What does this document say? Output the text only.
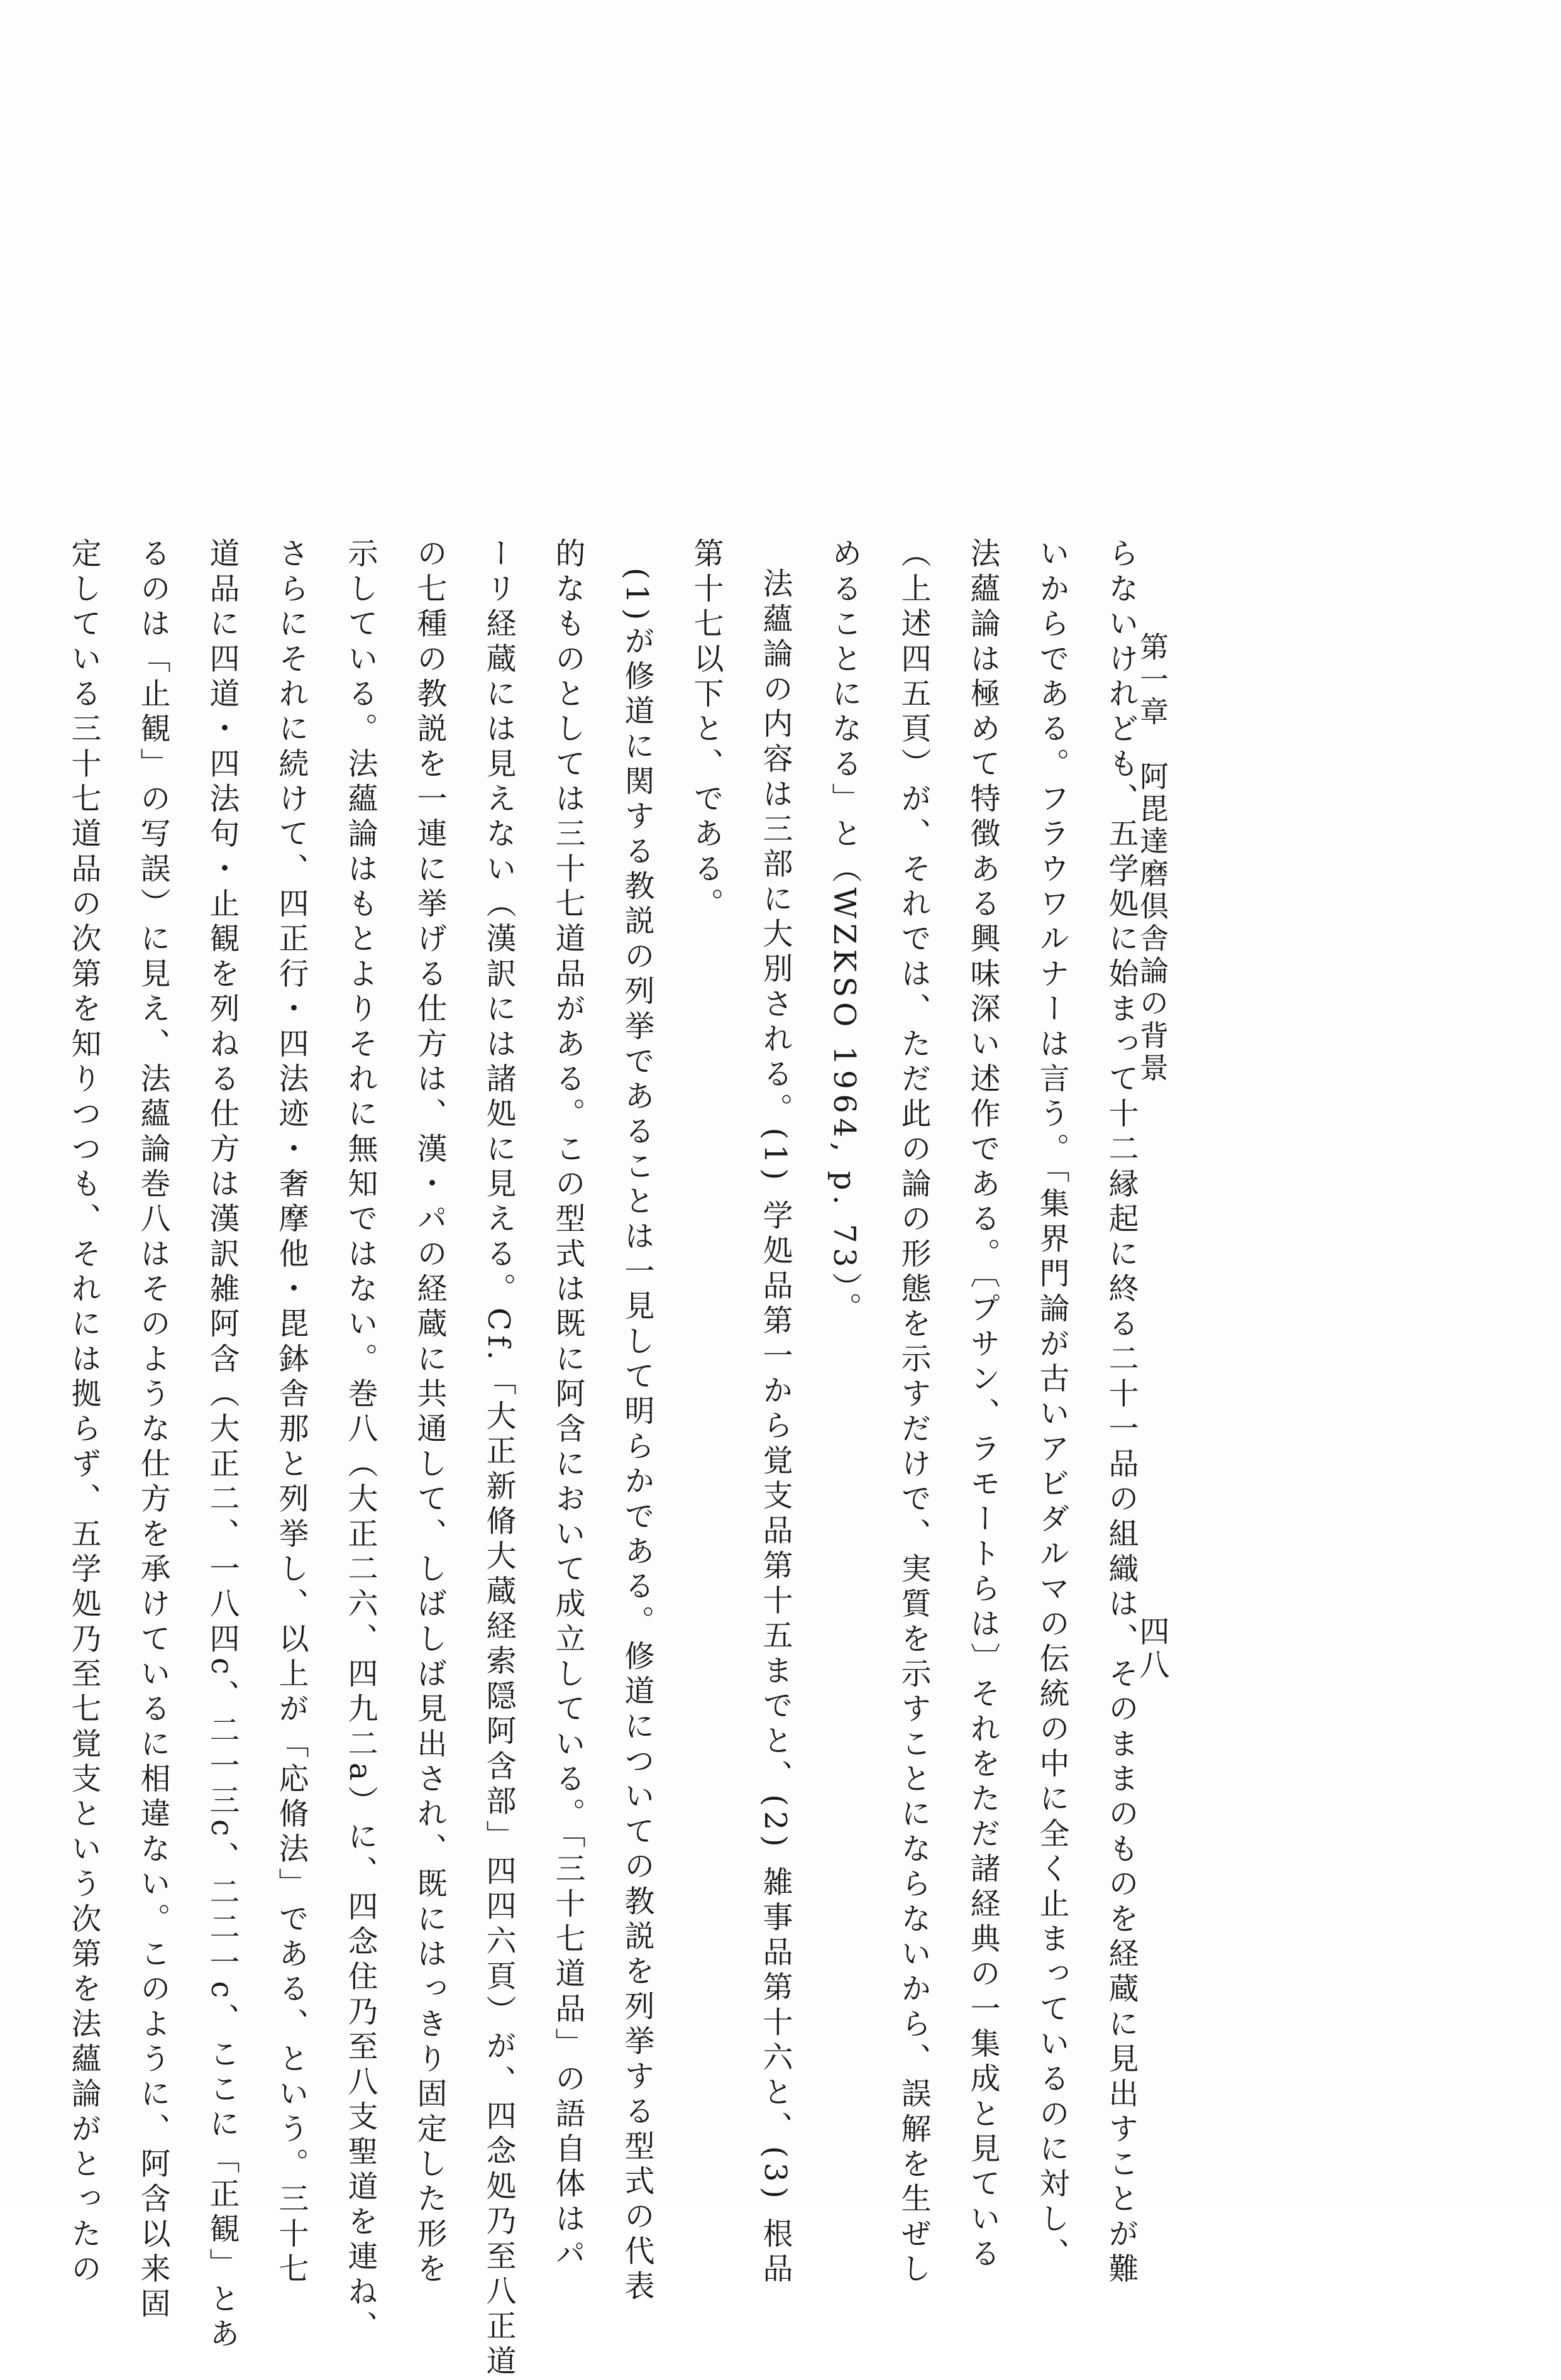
第一章　阿毘達磨倶舎論の背景
四八
らないけれども、五学処に始まって十二縁起に終る二十一品の組織は、そのままのものを経蔵に見出すことが難
いからである。フラウワルナーは言う。「集界門論が古いアビダルマの伝統の中に全く止まっているのに対し、
法蘊論は極めて特徴ある興味深い述作である。〔プサン、ラモートらは〕それをただ諸経典の一集成と見ている
（上述四五頁）が、それでは、ただ此の論の形態を示すだけで、実質を示すことにならないから、誤解を生ぜし
めることになる」と（WZKSO 1964, p. 73）。
法蘊論の内容は三部に大別される。(1) 学処品第一から覚支品第十五までと、(2) 雑事品第十六と、(3) 根品
第十七以下と、である。
(1)が修道に関する教説の列挙であることは一見して明らかである。修道についての教説を列挙する型式の代表
的なものとしては三十七道品がある。この型式は既に阿含において成立している。「三十七道品」の語自体はパ
ーリ経蔵には見えない（漢訳には諸処に見える。Cf.「大正新脩大蔵経索隠阿含部」四四六頁）が、四念処乃至八正道
の七種の教説を一連に挙げる仕方は、漢・パの経蔵に共通して、しばしば見出され、既にはっきり固定した形を
示している。法蘊論はもとよりそれに無知ではない。巻八（大正二六、四九二a）に、四念住乃至八支聖道を連ね、
さらにそれに続けて、四正行・四法迹・奢摩他・毘鉢舎那と列挙し、以上が「応脩法」である、という。三十七
道品に四道・四法句・止観を列ねる仕方は漢訳雑阿含（大正二、一八四c、二一三c、二二一c、ここに「正観」とあ
るのは「止観」の写誤）に見え、法蘊論巻八はそのような仕方を承けているに相違ない。このように、阿含以来固
定している三十七道品の次第を知りつつも、それには拠らず、五学処乃至七覚支という次第を法蘊論がとったの
